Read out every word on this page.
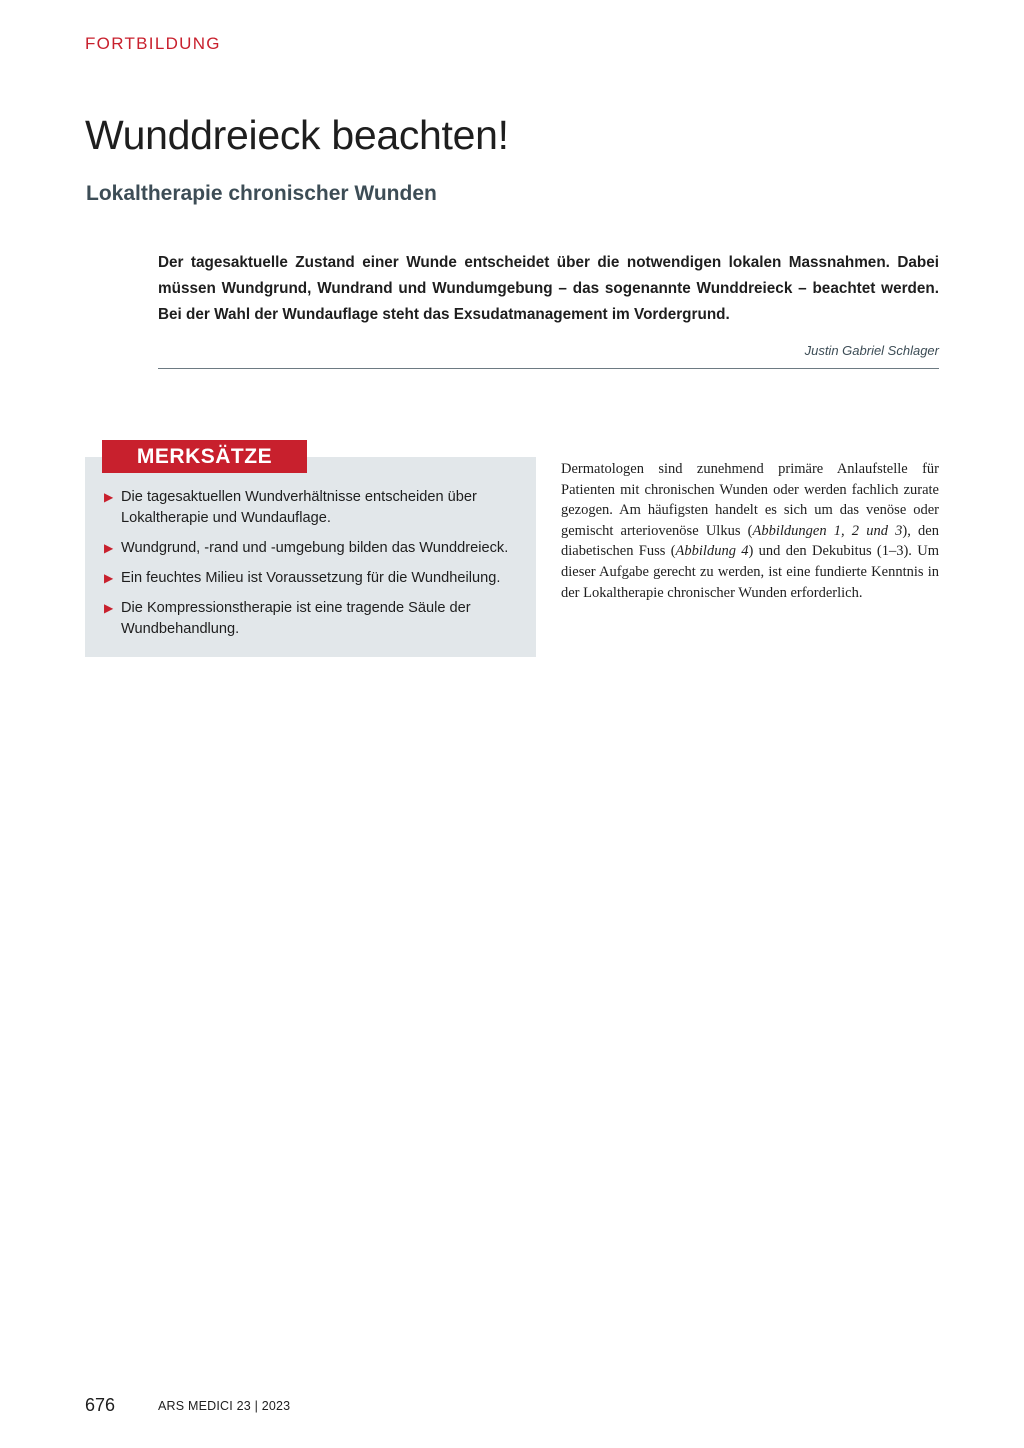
FORTBILDUNG
Wunddreieck beachten!
Lokaltherapie chronischer Wunden

Der tagesaktuelle Zustand einer Wunde entscheidet über die notwendigen lokalen Massnahmen. Dabei müssen Wundgrund, Wundrand und Wundumgebung – das sogenannte Wunddreieck – beachtet werden. Bei der Wahl der Wundauflage steht das Exsudatmanagement im Vordergrund.

Justin Gabriel Schlager

MERKSÄTZE
▶ Die tagesaktuellen Wundverhältnisse entscheiden über Lokaltherapie und Wundauflage.
▶ Wundgrund, -rand und -umgebung bilden das Wunddreieck.
▶ Ein feuchtes Milieu ist Voraussetzung für die Wundheilung.
▶ Die Kompressionstherapie ist eine tragende Säule der Wundbehandlung.

Dermatologen sind zunehmend primäre Anlaufstelle für Patienten mit chronischen Wunden oder werden fachlich zurate gezogen. Am häufigsten handelt es sich um das venöse oder gemischt arteriovenöse Ulkus (Abbildungen 1, 2 und 3), den diabetischen Fuss (Abbildung 4) und den Dekubitus (1–3). Um dieser Aufgabe gerecht zu werden, ist eine fundierte Kenntnis in der Lokaltherapie chronischer Wunden erforderlich.

676	ARS MEDICI 23 | 2023
